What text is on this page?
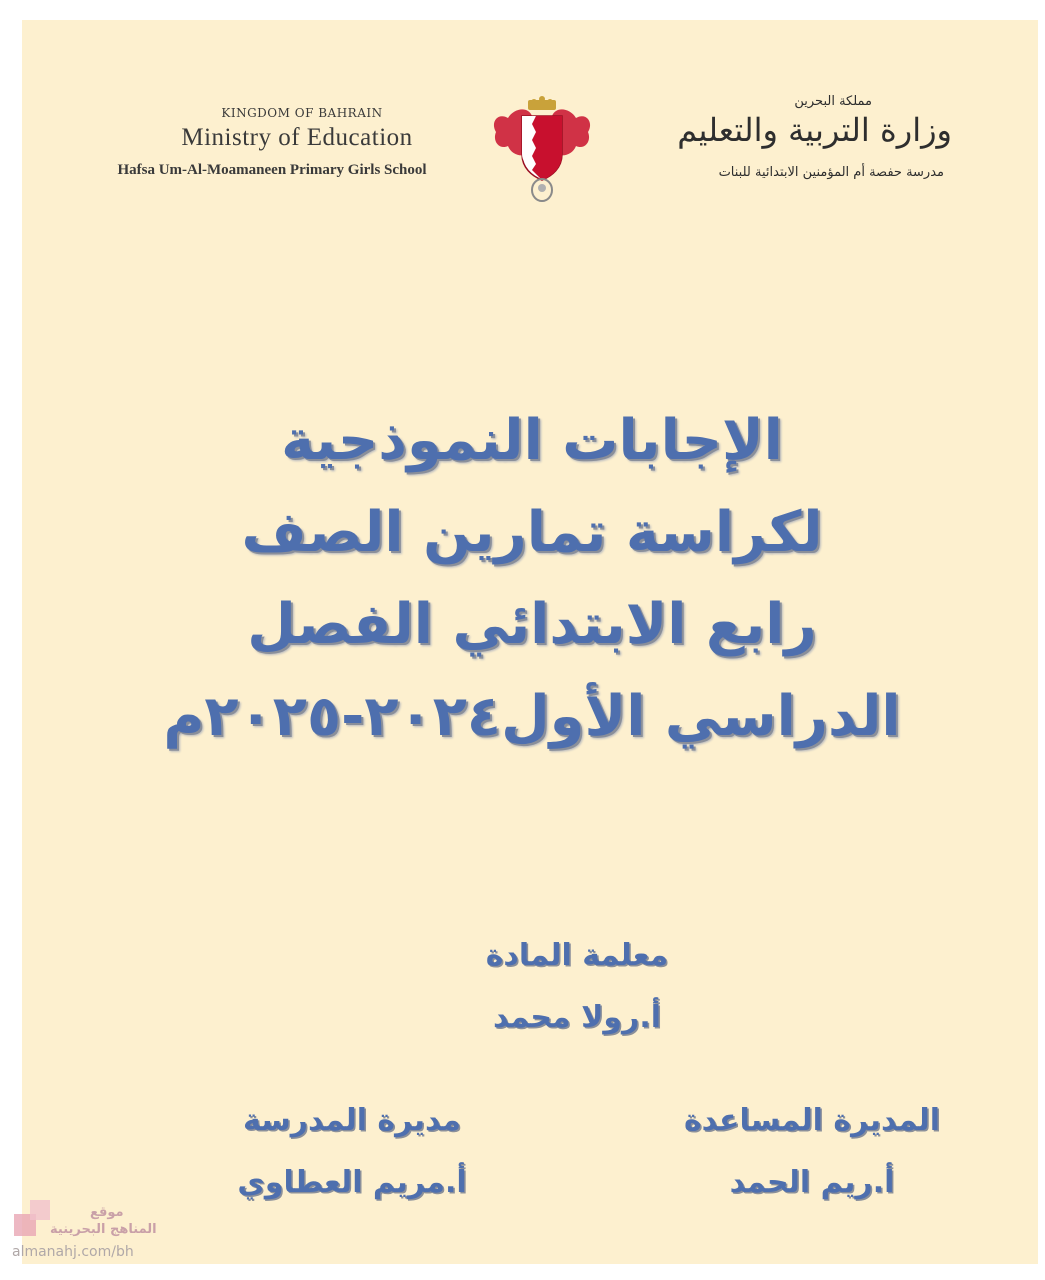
KINGDOM OF BAHRAIN
Ministry of Education
Hafsa Um-Al-Moamaneen Primary Girls School
مملكة البحرين
وزارة التربية والتعليم
مدرسة حفصة أم المؤمنين الابتدائية للبنات
الإجابات النموذجية
لكراسة تمارين الصف
رابع الابتدائي الفصل
الدراسي الأول٢٠٢٤-٢٠٢٥م
معلمة المادة
أ.رولا محمد
مديرة المدرسة
أ.مريم العطاوي
المديرة المساعدة
أ.ريم الحمد
موقع
المناهج البحرينية
almanahj.com/bh
